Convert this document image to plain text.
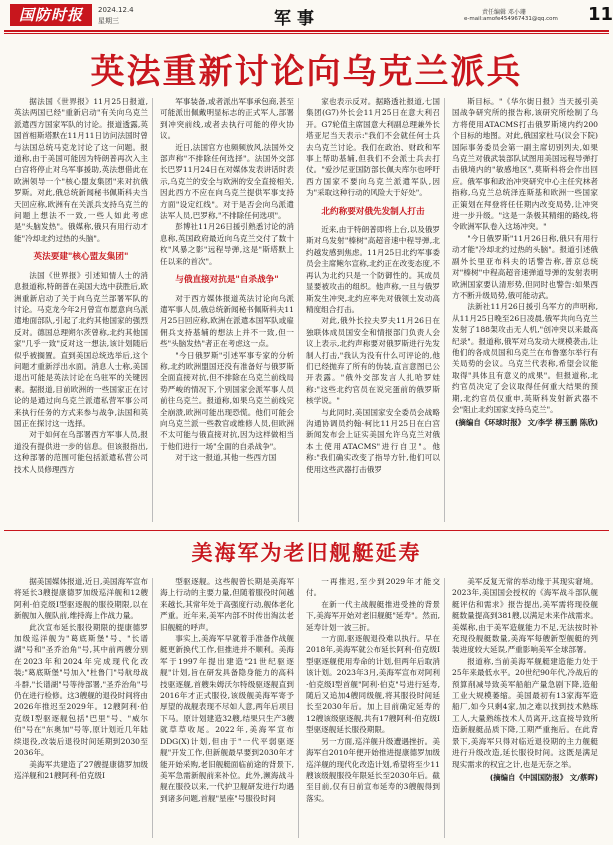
国防时报	2024.12.4
星期三	军事	责任编辑 邓小珊
e-mail:amofe454967431@qq.com 11
英法重新讨论向乌克兰派兵

据法国《世界报》11月25日报道,英法两国已经"重新启动"有关向乌克兰派遣西方国家军队的讨论。报道透露,英国首相斯塔默在11月11日访问法国时曾与法国总统马克龙讨论了这一问题。报道称,由于美国可能因为特朗普再次入主白宫将停止对乌军事援助,英法想借此在欧洲领导一个"核心盟友集团"来对抗俄罗斯。对此,俄总统新闻秘书佩斯科夫当天回应称,欧洲有在关派兵支持乌克兰的问题上想法不一致,一些人如此考虑是"头脑发热"。俄媒称,俄只有用行动才能"冷却北约过热的头脑"。

英法要建"核心盟友集团"

法国《世界报》引述知情人士的消息报道称,特朗普在美国大选中获胜后,欧洲重新启动了关于向乌克兰部署军队的讨论。马克龙今年2月曾宣布愿意向乌派遣地面部队,引起了北约其他国家的强烈反对。德国总理朔尔茨曾称,北约其他国家"几乎一致"反对这一想法,该计划随后似乎被搁置。直到美国总统选举后,这个问题才重新浮出水面。消息人士称,美国退出可能是英法讨论在乌驻军的关键因素。据报道,目前欧洲的一些国家正在讨论的是通过向乌克兰派遣私营军事公司来执行任务的方式来参与战争,法国和英国正在探讨这一选择。

对于如何在乌部署西方军事人员,报道没有提供进一步的信息。但该报指出,这种部署的范围可能包括派遣私营公司技术人员修理西方

军事装备,或者派出军事承包商,甚至可能派出佩戴明显标志的正式军人,部署到冲突前线,或者去执行可能的停火协议。

近日,法国官方也频频放风,法国外交部声称"不排除任何选择"。法国外交部长巴罗11月24日在对媒体发表讲话时表示,乌克兰的安全与欧洲的安全直接相关,因此西方不应在向乌克兰提供军事支持方面"设定红线"。对于是否会向乌派遣法军人员,巴罗称,"不排除任何选项"。

彭博社11月26日援引熟悉讨论的消息称,英国政府最近向乌克兰交付了数十枚"风暴之影"远程导弹,这是"斯塔默上任以来的首次"。

与俄直接对抗是"自杀战争"

对于西方媒体报道英法讨论向乌派遣军事人员,俄总统新闻秘书佩斯科夫11月25日回应称,欧洲在派遣本国军队或雇佣兵支持基辅的想法上并不一致,但一些"头脑发热"者正在考虑这一点。

"今日俄罗斯"引述军事专家的分析称,北约欧洲盟国还没有准备好与俄罗斯全面直接对抗,但不排除在乌克兰前线局势严峻的情况下,个别国家会派军事人员前往乌克兰。报道称,如果乌克兰前线完全崩溃,欧洲可能出现恐慌。他们可能会向乌克兰派一些教官或维修人员,但欧洲不太可能与俄直接对抗,因为这样做相当于他们进行一场"全面的自杀战争"。

对于这一报道,其他一些西方国

家也表示反对。据路透社报道,七国集团(G7)外长会11月25日在意大利召开。G7轮值主席国意大利副总理兼外长塔亚尼当天表示:"我们不会就任何士兵去乌克兰讨论。我们在政治、财政和军事上帮助基辅,但我们不会派士兵去打仗。"爱沙尼亚国防部长佩夫库尔也呼吁西方国家不要向乌克兰派遣军队,因为"采取这种行动的风险大于好处"。

北约称要对俄先发制人打击

近来,由于特朗普即将上台,以及俄罗斯对乌发射"榛树"高超音速中程导弹,北约越发感到焦虑。11月25日北约军事委员会主席鲍尔宣称,北约正在改变态度,不再认为北约只是一个防御性的。其成员显要被攻击的组织。他声称,一旦与俄罗斯发生冲突,北约应率先对俄领土发动高精度组合打击。

对此,俄外长拉夫罗夫11月26日在独联体成员国安全和情报部门负责人会议上表示,北约声称要对俄罗斯进行先发制人打击,"我认为没有什么可评论的,他们已经抛弃了所有的伪装,直言意图已公开表露。"俄外交部发言人扎哈罗娃称:"这些北约官员在说完蛋前的俄罗斯核学说。"

与此同时,美国国家安全委员会战略沟通协调员约翰·柯比11月25日在白宫新闻发布会上证实美国允许乌克兰对俄本土使用ATACMS"进行自卫"。他称:"我们确实改变了指导方针,他们可以使用这些武器打击俄罗

斯目标。"《华尔街日报》当天援引美国战争研究所的报告称,该研究所绘制了乌方将使用ATACMS打击俄罗斯境内约200个目标的地图。对此,俄国家杜马(议会下院)国际事务委员会第一副主席切别列夫,如果乌克兰对俄武装部队试图用美国远程导弹打击俄境内的"敏感地区",莫斯科将会作出回应。俄军事和政治冲突研究中心主任究林者指称,乌克兰总统泽连斯基和欧洲一些国家正策划在拜登将任任期内改变局势,让冲突进一步升级。"这是一条极其精细的路线,将令欧洲军队卷入这场冲突。"

"今日俄罗斯"11月26日称,俄只有用行动才能"冷却北约过热的头脑"。报道引述俄副外长里亚布科夫的话警告称,普京总统对"榛树"中程高超音速弹道导弹的发射表明欧洲国家要认清形势,但同时也警告:如果西方不断升级局势,俄可能动武。

法新社11月26日援引乌军方的声明称,从11月25日晚至26日凌晨,俄军共向乌克兰发射了188架攻击无人机,"创冲突以来最高纪录"。报道称,俄军对乌发动大规模袭击,让他们的各成员国和乌克兰在布鲁塞尔举行有关局势的会议。乌克兰代表称,希望会议能取得"具体且有意义的成果"。但报道称,北约官员决定了会议取得任何重大结果的预期,北约官员仅重申,英斯科发射新武器不会"阻止北约国家支持乌克兰"。

(摘编自《环球时报》 文/李学 柳玉鹏 陈欣)
美海军为老旧舰艇延寿

据美国媒体报道,近日,美国海军宣布将延长3艘提康德罗加级巡洋舰和12艘阿利·伯克级Ⅰ型驱逐舰的服役期限,以在新舰加入舰队前,维持海上作战力量。

此次宣布延长服役期限的提康德罗加级巡洋舰为"葛底斯堡"号、"长谱湖"号和"圣乔治角"号,其中前两艘分别在2023年和2024年完成现代化改装;"葛底斯堡"号加入"杜鲁门"号航母战斗群,"长谱湖"号等待部署,"圣乔治角"号仍在进行检修。这3艘舰的退役时间将由2026年推迟至2029年。12艘阿利·伯克级Ⅰ型驱逐舰包括"巴里"号、"威尔伯"号在"东奥加"号等,原计划近几年陆续退役,改装后退役时间延期到2030至2036年。

美海军共建造了27艘提康德罗加级巡洋舰和21艘阿利·伯克级Ⅰ

型驱逐舰。这些舰曾长期是美海军海上行动的主要力量,但随着服役时间越来越长,其常年处于高强度行动,舰体老化严重。近年来,美军内部不时传出淘汰老旧舰艇的呼声。

事实上,美海军早就着手准备作战舰艇更新换代工作,但推进并不顺利。美海军于1997年提出建造"21世纪驱逐舰"计划,旨在研发具备隐身能力的高科技驱逐舰,首艘朱姆沃尔特级驱逐舰直到2016年才正式服役,该级舰美海军寄予厚望的战舰表现不尽如人意,两年后项目下马。原计划建造32艘,结果只生产3艘就草草收尾。2022年,美海军宣布DDG(X)计划,但由于"一代平弱驱逐舰"开发工作,但新舰最早要到2030年才能开始采购,老旧舰艇面临前途的背景下,美军急需新舰前来补位。此外,濒海战斗舰在服役以来,一代护卫舰研发进行均遇到诸多问题,首舰"星座"号服役时间

一再推迟,至少到2029年才能交付。

在新一代主战舰艇推进受挫的背景下,美海军开始对老旧舰艇"延寿"。然而,延寿计划一波三折。

一方面,驱逐舰退役难以执行。早在2018年,美海军就公布延长阿利·伯克级Ⅰ型驱逐舰使用寿命的计划,但两年后取消该计划。2023年3月,美海军宣布对阿利·伯克级Ⅰ型首舰"阿利·伯克"号进行延寿,随后又追加4艘同级舰,将其服役时间延长至2030年后。加上目前确定延寿的12艘该级驱逐舰,共有17艘阿利·伯克级Ⅰ型驱逐舰延长服役期限。

另一方面,巡洋舰升级遭遇挫折。美海军自2010年便开始推进提康德罗加级巡洋舰的现代化改造计划,希望将至少11艘该级舰服役年限延长至2030年后。截至目前,仅有日前宣布延寿的3艘舰得到落实。

美军反复无常的举动缘于其现实窘境。2023年,美国国会授权的《海军战斗部队舰艇评估和需求》报告提出,美军需将现役舰艇数量提高到381艘,以满足未来作战需求。美媒称,由于美军造舰能力不足,无法按时补充现役舰艇数量,美海军每艘新型舰艇的列装进度较大延误,严重影响美军全球部署。

报道称,当前美海军舰艇建造能力处于25年来最低水平。20世纪90年代,冷战后的预算削减导致美军船舶产量急剧下降,造船工业大规模萎缩。美国最初有13家海军造船厂,如今只剩4家,加之难以找到技术熟练工人,大量熟练技术人员离开,这直接导致所造新舰艇品质下降,工期严重拖后。在此背景下,美海军只得对临近退役期的主力舰艇进行升级改造,延长服役时间。这既是满足现实需求的权宜之计,也是无奈之举。

(摘编自《中国国防报》 文/蔡晖)
